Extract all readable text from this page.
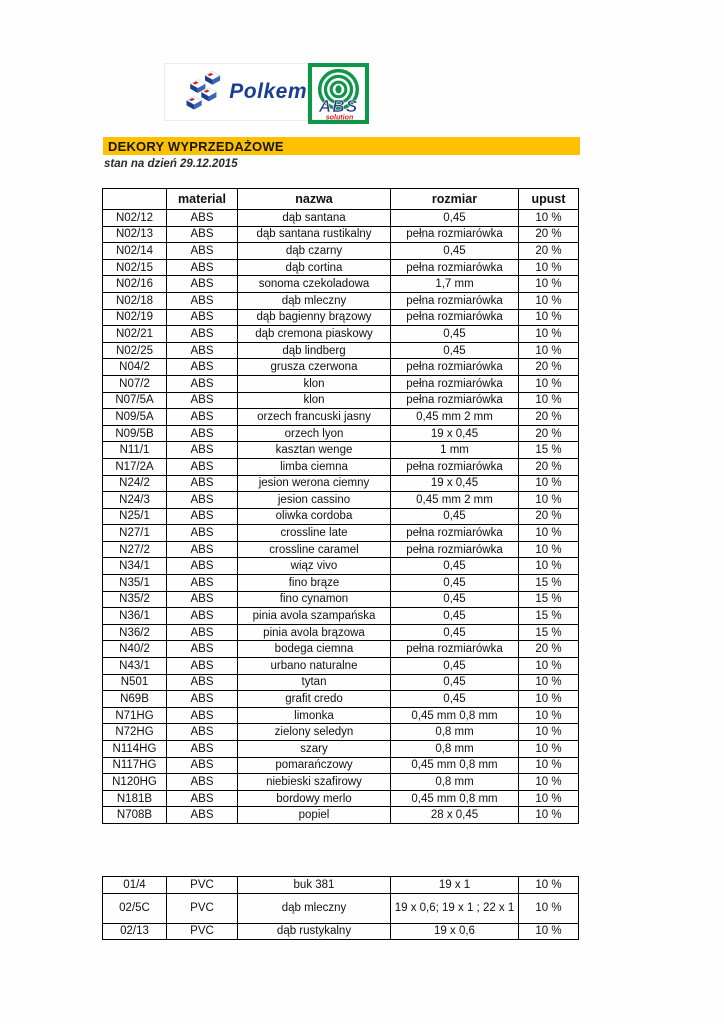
Polkem
ABS
solution
DEKORY WYPRZEDAŻOWE
stan na dzień 29.12.2015
	material	nazwa	rozmiar	upust
N02/12	ABS	dąb santana	0,45	10 %
N02/13	ABS	dąb santana rustikalny	pełna rozmiarówka	20 %
N02/14	ABS	dąb czarny	0,45	20 %
N02/15	ABS	dąb cortina	pełna rozmiarówka	10 %
N02/16	ABS	sonoma czekoladowa	1,7 mm	10 %
N02/18	ABS	dąb mleczny	pełna rozmiarówka	10 %
N02/19	ABS	dąb bagienny brązowy	pełna rozmiarówka	10 %
N02/21	ABS	dąb cremona piaskowy	0,45	10 %
N02/25	ABS	dąb lindberg	0,45	10 %
N04/2	ABS	grusza czerwona	pełna rozmiarówka	20 %
N07/2	ABS	klon	pełna rozmiarówka	10 %
N07/5A	ABS	klon	pełna rozmiarówka	10 %
N09/5A	ABS	orzech francuski jasny	0,45 mm 2 mm	20 %
N09/5B	ABS	orzech lyon	19 x 0,45	20 %
N11/1	ABS	kasztan wenge	1 mm	15 %
N17/2A	ABS	limba ciemna	pełna rozmiarówka	20 %
N24/2	ABS	jesion werona ciemny	19 x 0,45	10 %
N24/3	ABS	jesion cassino	0,45 mm 2 mm	10 %
N25/1	ABS	oliwka cordoba	0,45	20 %
N27/1	ABS	crossline late	pełna rozmiarówka	10 %
N27/2	ABS	crossline caramel	pełna rozmiarówka	10 %
N34/1	ABS	wiąz vivo	0,45	10 %
N35/1	ABS	fino brąze	0,45	15 %
N35/2	ABS	fino cynamon	0,45	15 %
N36/1	ABS	pinia avola szampańska	0,45	15 %
N36/2	ABS	pinia avola brązowa	0,45	15 %
N40/2	ABS	bodega ciemna	pełna rozmiarówka	20 %
N43/1	ABS	urbano naturalne	0,45	10 %
N501	ABS	tytan	0,45	10 %
N69B	ABS	grafit credo	0,45	10 %
N71HG	ABS	limonka	0,45 mm 0,8 mm	10 %
N72HG	ABS	zielony seledyn	0,8 mm	10 %
N114HG	ABS	szary	0,8 mm	10 %
N117HG	ABS	pomarańczowy	0,45 mm 0,8 mm	10 %
N120HG	ABS	niebieski szafirowy	0,8 mm	10 %
N181B	ABS	bordowy merlo	0,45 mm 0,8 mm	10 %
N708B	ABS	popiel	28 x 0,45	10 %
01/4	PVC	buk 381	19 x 1	10 %
02/5C	PVC	dąb mleczny	19 x 0,6; 19 x 1 ; 22 x 1	10 %
02/13	PVC	dąb rustykalny	19 x 0,6	10 %
